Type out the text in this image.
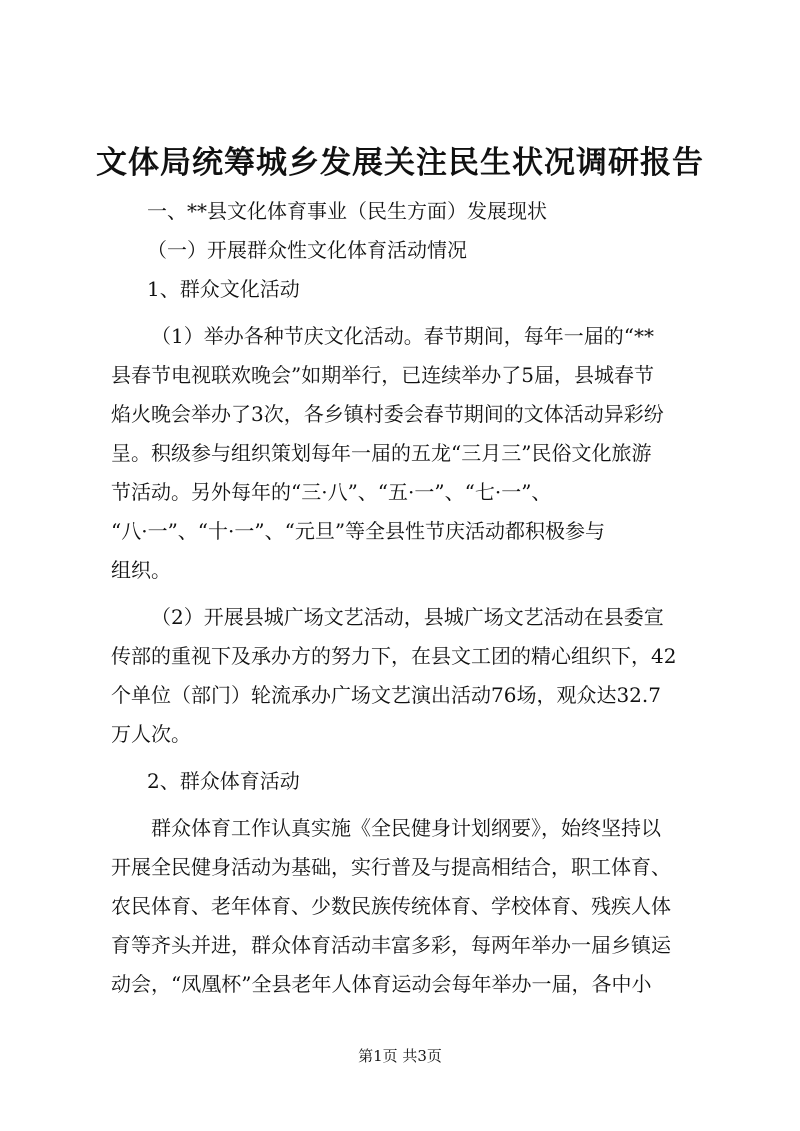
文体局统筹城乡发展关注民生状况调研报告
一、**县文化体育事业（民生方面）发展现状
（一）开展群众性文化体育活动情况
1、群众文化活动
（1）举办各种节庆文化活动。春节期间，每年一届的“**
县春节电视联欢晚会”如期举行，已连续举办了5届，县城春节
焰火晚会举办了3次，各乡镇村委会春节期间的文体活动异彩纷
呈。积级参与组织策划每年一届的五龙“三月三”民俗文化旅游
节活动。另外每年的“三·八”、“五·一”、“七·一”、
“八·一”、“十·一”、“元旦”等全县性节庆活动都积极参与
组织。
（2）开展县城广场文艺活动，县城广场文艺活动在县委宣
传部的重视下及承办方的努力下，在县文工团的精心组织下，42
个单位（部门）轮流承办广场文艺演出活动76场，观众达32.7
万人次。
2、群众体育活动
群众体育工作认真实施《全民健身计划纲要》，始终坚持以
开展全民健身活动为基础，实行普及与提高相结合，职工体育、
农民体育、老年体育、少数民族传统体育、学校体育、残疾人体
育等齐头并进，群众体育活动丰富多彩，每两年举办一届乡镇运
动会，“凤凰杯”全县老年人体育运动会每年举办一届，各中小
第1页 共3页
